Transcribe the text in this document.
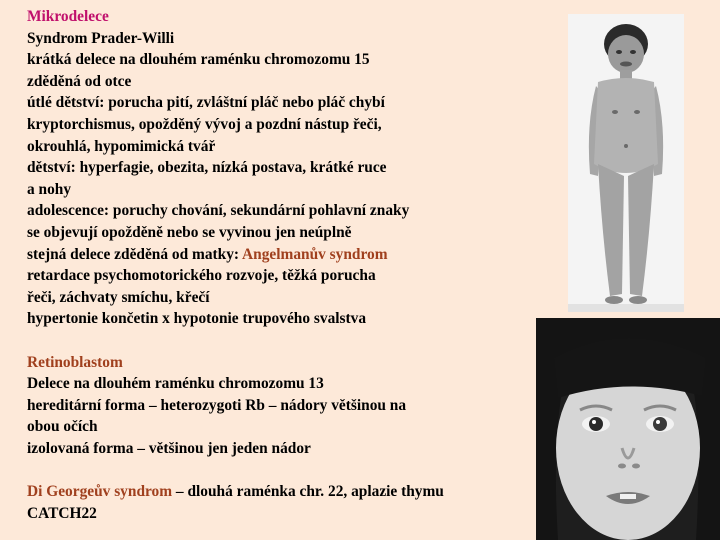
Mikrodelece
Syndrom Prader-Willi
krátká delece na dlouhém raménku chromozomu 15
zděděná od otce
útlé dětství: porucha pití, zvláštní pláč nebo pláč chybí
kryptorchismus, opožděný vývoj a pozdní nástup řeči,
okrouhlá, hypomimická tvář
dětství: hyperfagie, obezita, nízká postava, krátké ruce
a nohy
adolescence: poruchy chování, sekundární pohlavní znaky
se objevují opožděně nebo se vyvinou jen neúplně
stejná delece zděděná od matky: Angelmanův syndrom
retardace psychomotorického rozvoje, těžká porucha
řeči, záchvaty smíchu, křečí
hypertonie končetin x hypotonie trupového svalstva
Retinoblastom
Delece na dlouhém raménku chromozomu 13
hereditární forma – heterozygoti Rb – nádory většinou na
obou očích
izolovaná forma – většinou jen jeden nádor
Di Georgeův syndrom – dlouhá raménka chr. 22, aplazie thymu
CATCH22
